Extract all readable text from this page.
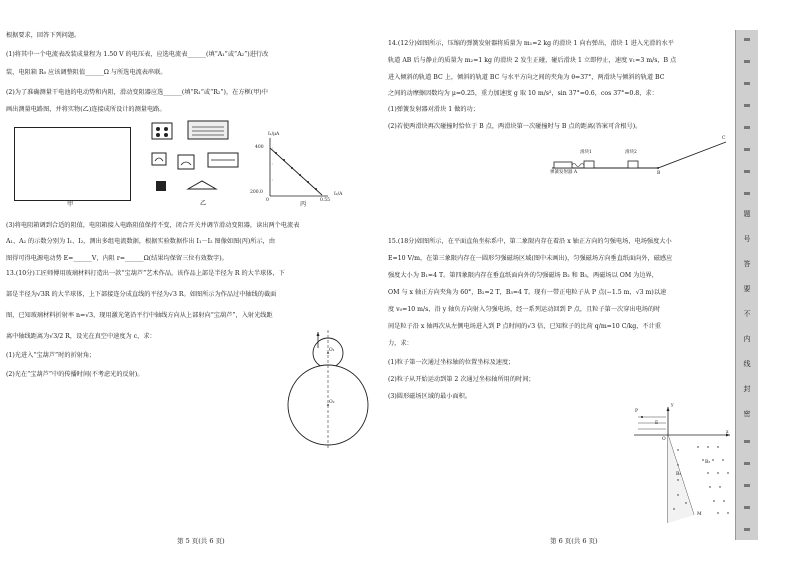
根据要求，回答下列问题。
(1)将其中一个电流表改装成量程为 1.50 V 的电压表，应选电流表______(填“A₁”或“A₂”)进行改
装，电阻箱 R₀ 应该调整阻值______Ω 与所选电流表串联。
(2)为了准确测量干电池的电动势和内阻，滑动变阻器应选______(填“R₁”或“R₂”)，在方框(甲)中
画出测量电路图，并将实物(乙)连接成所设计的测量电路。
甲	乙
I₁/μA
400
200.0
0.55
I₂/A
0
丙
(3)将电阻箱调到合适的阻值，电阻箱接入电路阻值保持不变，闭合开关并调节滑动变阻器，读出两个电流表
A₁、A₂ 的示数分别为 I₁、I₂，测出多组电流数据，根据实验数据作出 I₁－I₂ 图像如图(丙)所示，由
图得可得电源电动势 E=______V，内阻 r=______Ω(结果均保留三位有效数字)。
13.(10分)工匠师傅用玻璃材料打造出一款“宝葫芦”艺术作品，该作品上部是半径为 R 的大半球体，下
部是半径为√3R 的大半球体，上下部接连分成直线的平径为√3 R。如图所示为作品过中轴线的截面
图，已知玻璃材料折射率 n=√3，现用激光笔沿平行中轴线方向从上部射向“宝葫芦”，入射光线距
离中轴线距离为√3/2 R，设光在真空中速度为 c，求：
(1)光进入“宝葫芦”时的折射角；
(2)光在“宝葫芦”中的传播时间(不考虑光的反射)。
O₁
O₂
第 5 页(共 6 页)
14.(12分)如图所示，压缩的弹簧发射器将质量为 m₁=2 kg 的滑块 1 向右弹出，滑块 1 进入光滑的水平
轨道 AB 后与静止的质量为 m₂=1 kg 的滑块 2 发生正碰，碰后滑块 1 立即停止，速度 v₁=3 m/s，B 点
进入倾斜的轨道 BC 上，倾斜的轨道 BC 与水平方向之间的夹角为 θ=37°，两滑块与倾斜的轨道 BC
之间的动摩擦因数均为 μ=0.25，重力加速度 g 取 10 m/s²，sin 37°=0.6，cos 37°=0.8，求：
(1)弹簧发射器对滑块 1 做的功；
(2)若使两滑块再次碰撞时恰位于 B 点，两滑块第一次碰撞时与 B 点的距离(答案可含根号)。
滑块1	滑块2
弹簧发射器 A	B
C
15.(18分)如图所示，在平面直角坐标系中，第二象限内存在着沿 x 轴正方向的匀强电场，电场强度大小
E=10 V/m，在第三象限内存在一圆形匀强磁场区域(图中未画出)，匀强磁场方向垂直纸面向外，磁感应
强度大小为 B₁=4 T。第四象限内存在垂直纸面向外的匀强磁场 B₂ 和 B₃，两磁场以 OM 为边界，
OM 与 x 轴正方向夹角为 60°，B₂=2 T，B₃=4 T。现有一带正电粒子从 P 点(−1.5 m，√3 m)以速
度 v₀=10 m/s，沿 y 轴负方向射入匀强电场，经一系列运动回到 P 点，且粒子第一次穿出电场的时
间是粒子沿 x 轴再次从左侧电场进入到 P 点时间的√3 倍，已知粒子的比荷 q/m=10 C/kg，不计重
力，求：
(1)粒子第一次通过坐标轴的位置坐标及速度；
(2)粒子从开始运动到第 2 次通过坐标轴所用的时间；
(3)圆形磁场区域的最小面积。
P
E
O
M
B₂
B₃
x
y
第 6 页(共 6 页)
题
号
答
要
不
内
线
封
密
